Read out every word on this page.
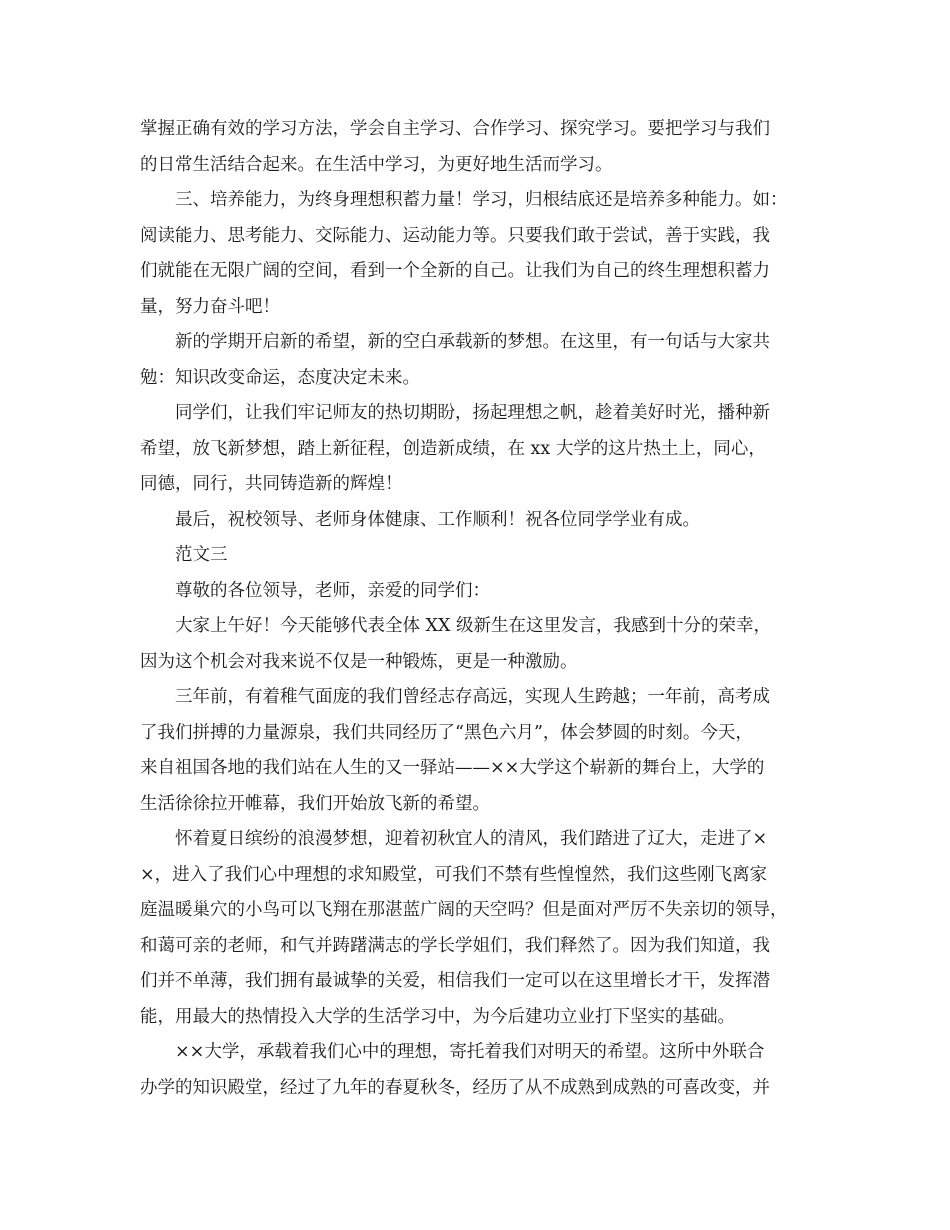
掌握正确有效的学习方法，学会自主学习、合作学习、探究学习。要把学习与我们
的日常生活结合起来。在生活中学习，为更好地生活而学习。
三、培养能力，为终身理想积蓄力量！学习，归根结底还是培养多种能力。如：
阅读能力、思考能力、交际能力、运动能力等。只要我们敢于尝试，善于实践，我
们就能在无限广阔的空间，看到一个全新的自己。让我们为自己的终生理想积蓄力
量，努力奋斗吧！
新的学期开启新的希望，新的空白承载新的梦想。在这里，有一句话与大家共
勉：知识改变命运，态度决定未来。
同学们，让我们牢记师友的热切期盼，扬起理想之帆，趁着美好时光，播种新
希望，放飞新梦想，踏上新征程，创造新成绩，在 xx 大学的这片热土上，同心，
同德，同行，共同铸造新的辉煌！
最后，祝校领导、老师身体健康、工作顺利！祝各位同学学业有成。
范文三
尊敬的各位领导，老师，亲爱的同学们：
大家上午好！今天能够代表全体 XX 级新生在这里发言，我感到十分的荣幸，
因为这个机会对我来说不仅是一种锻炼，更是一种激励。
三年前，有着稚气面庞的我们曾经志存高远，实现人生跨越；一年前，高考成
了我们拼搏的力量源泉，我们共同经历了“黑色六月”，体会梦圆的时刻。今天，
来自祖国各地的我们站在人生的又一驿站——××大学这个崭新的舞台上，大学的
生活徐徐拉开帷幕，我们开始放飞新的希望。
怀着夏日缤纷的浪漫梦想，迎着初秋宜人的清风，我们踏进了辽大，走进了×
×，进入了我们心中理想的求知殿堂，可我们不禁有些惶惶然，我们这些刚飞离家
庭温暖巢穴的小鸟可以飞翔在那湛蓝广阔的天空吗？但是面对严厉不失亲切的领导，
和蔼可亲的老师，和气并踌躇满志的学长学姐们，我们释然了。因为我们知道，我
们并不单薄，我们拥有最诚挚的关爱，相信我们一定可以在这里增长才干，发挥潜
能，用最大的热情投入大学的生活学习中，为今后建功立业打下坚实的基础。
××大学，承载着我们心中的理想，寄托着我们对明天的希望。这所中外联合
办学的知识殿堂，经过了九年的春夏秋冬，经历了从不成熟到成熟的可喜改变，并
